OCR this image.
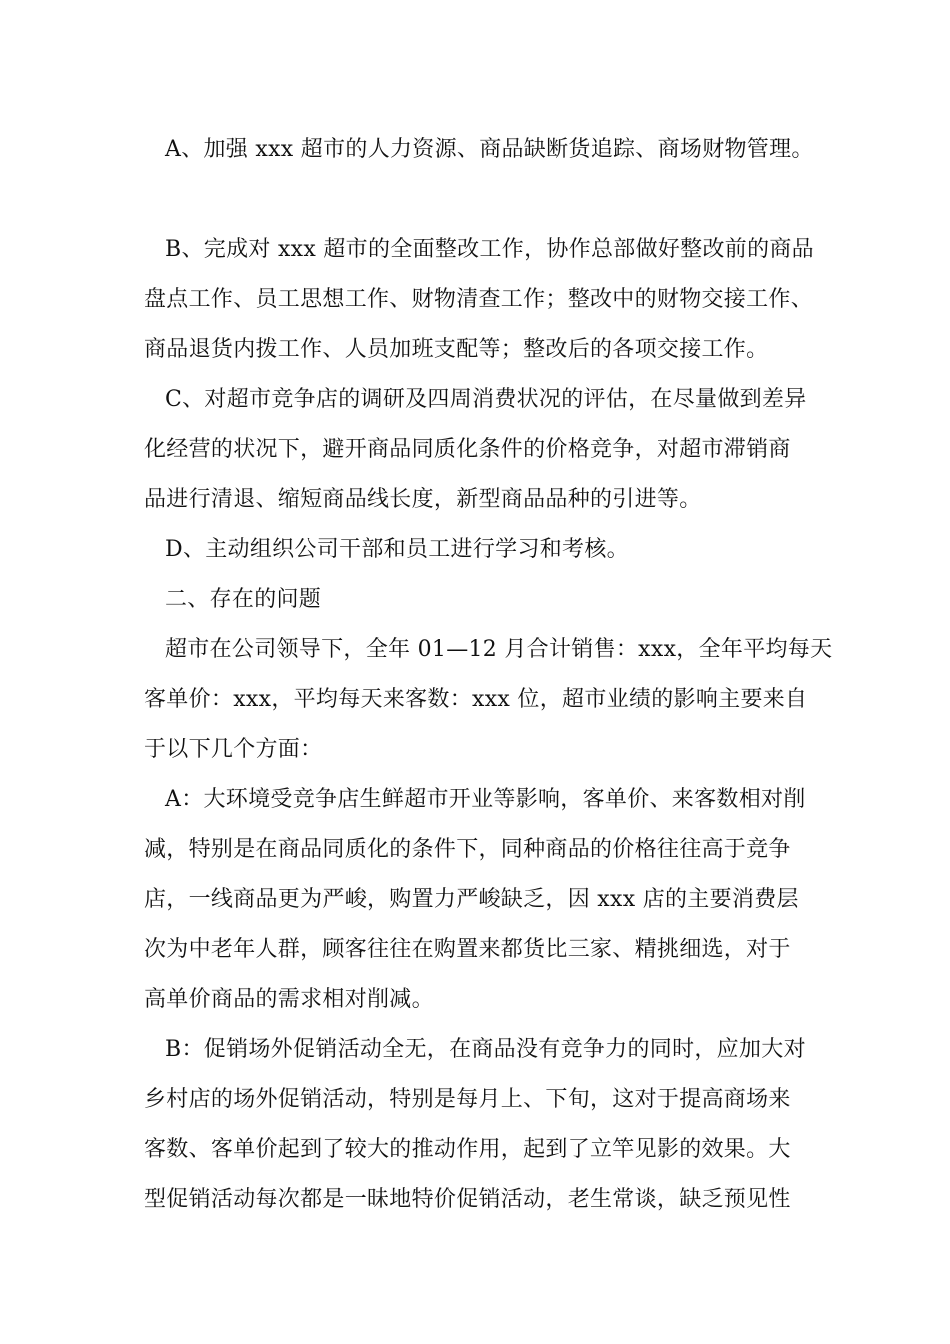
A、加强 xxx 超市的人力资源、商品缺断货追踪、商场财物管理。
B、完成对 xxx 超市的全面整改工作，协作总部做好整改前的商品
盘点工作、员工思想工作、财物清查工作；整改中的财物交接工作、
商品退货内拨工作、人员加班支配等；整改后的各项交接工作。
C、对超市竞争店的调研及四周消费状况的评估，在尽量做到差异
化经营的状况下，避开商品同质化条件的价格竞争，对超市滞销商
品进行清退、缩短商品线长度，新型商品品种的引进等。
D、主动组织公司干部和员工进行学习和考核。
二、存在的问题
超市在公司领导下，全年 01—12 月合计销售：xxx，全年平均每天
客单价：xxx，平均每天来客数：xxx 位，超市业绩的影响主要来自
于以下几个方面：
A：大环境受竞争店生鲜超市开业等影响，客单价、来客数相对削
减，特别是在商品同质化的条件下，同种商品的价格往往高于竞争
店，一线商品更为严峻，购置力严峻缺乏，因 xxx 店的主要消费层
次为中老年人群，顾客往往在购置来都货比三家、精挑细选，对于
高单价商品的需求相对削减。
B：促销场外促销活动全无，在商品没有竞争力的同时，应加大对
乡村店的场外促销活动，特别是每月上、下旬，这对于提高商场来
客数、客单价起到了较大的推动作用，起到了立竿见影的效果。大
型促销活动每次都是一昧地特价促销活动，老生常谈，缺乏预见性
